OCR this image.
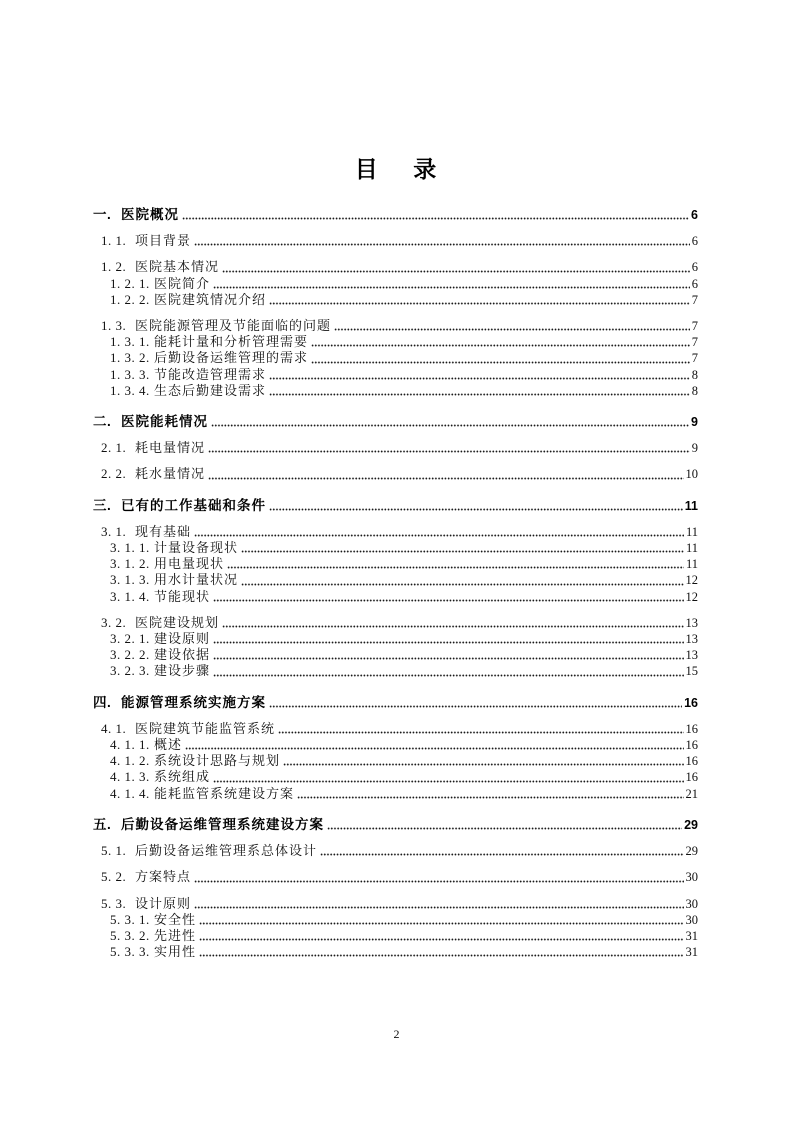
目    录
一. 医院概况	6
1. 1. 项目背景	6
1. 2. 医院基本情况	6
1. 2. 1. 医院简介	6
1. 2. 2. 医院建筑情况介绍	7
1. 3. 医院能源管理及节能面临的问题	7
1. 3. 1. 能耗计量和分析管理需要	7
1. 3. 2. 后勤设备运维管理的需求	7
1. 3. 3. 节能改造管理需求	8
1. 3. 4. 生态后勤建设需求	8
二. 医院能耗情况	9
2. 1. 耗电量情况	9
2. 2. 耗水量情况	10
三. 已有的工作基础和条件	11
3. 1. 现有基础	11
3. 1. 1. 计量设备现状	11
3. 1. 2. 用电量现状	11
3. 1. 3. 用水计量状况	12
3. 1. 4. 节能现状	12
3. 2. 医院建设规划	13
3. 2. 1. 建设原则	13
3. 2. 2. 建设依据	13
3. 2. 3. 建设步骤	15
四. 能源管理系统实施方案	16
4. 1. 医院建筑节能监管系统	16
4. 1. 1. 概述	16
4. 1. 2. 系统设计思路与规划	16
4. 1. 3. 系统组成	16
4. 1. 4. 能耗监管系统建设方案	21
五. 后勤设备运维管理系统建设方案	29
5. 1. 后勤设备运维管理系总体设计	29
5. 2. 方案特点	30
5. 3. 设计原则	30
5. 3. 1. 安全性	30
5. 3. 2. 先进性	31
5. 3. 3. 实用性	31
2
